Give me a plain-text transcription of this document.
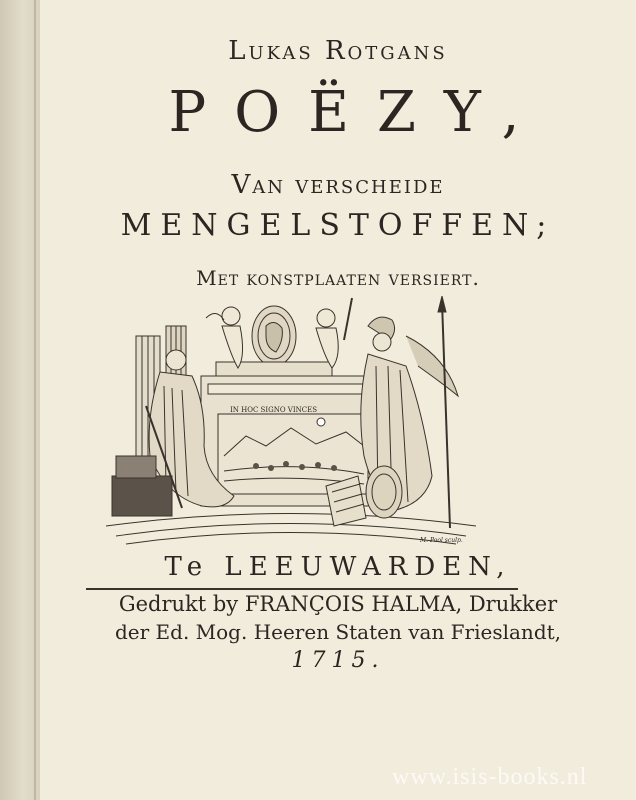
Lukas Rotgans
POËZY,
Van verscheide
MENGELSTOFFEN;
Met konstplaaten versiert.
IN HOC SIGNO VINCES
M. Pool sculp.
Te LEEUWARDEN,
Gedrukt by FRANÇOIS HALMA, Drukker
der Ed. Mog. Heeren Staten van Frieslandt,
1715.
www.isis-books.nl
